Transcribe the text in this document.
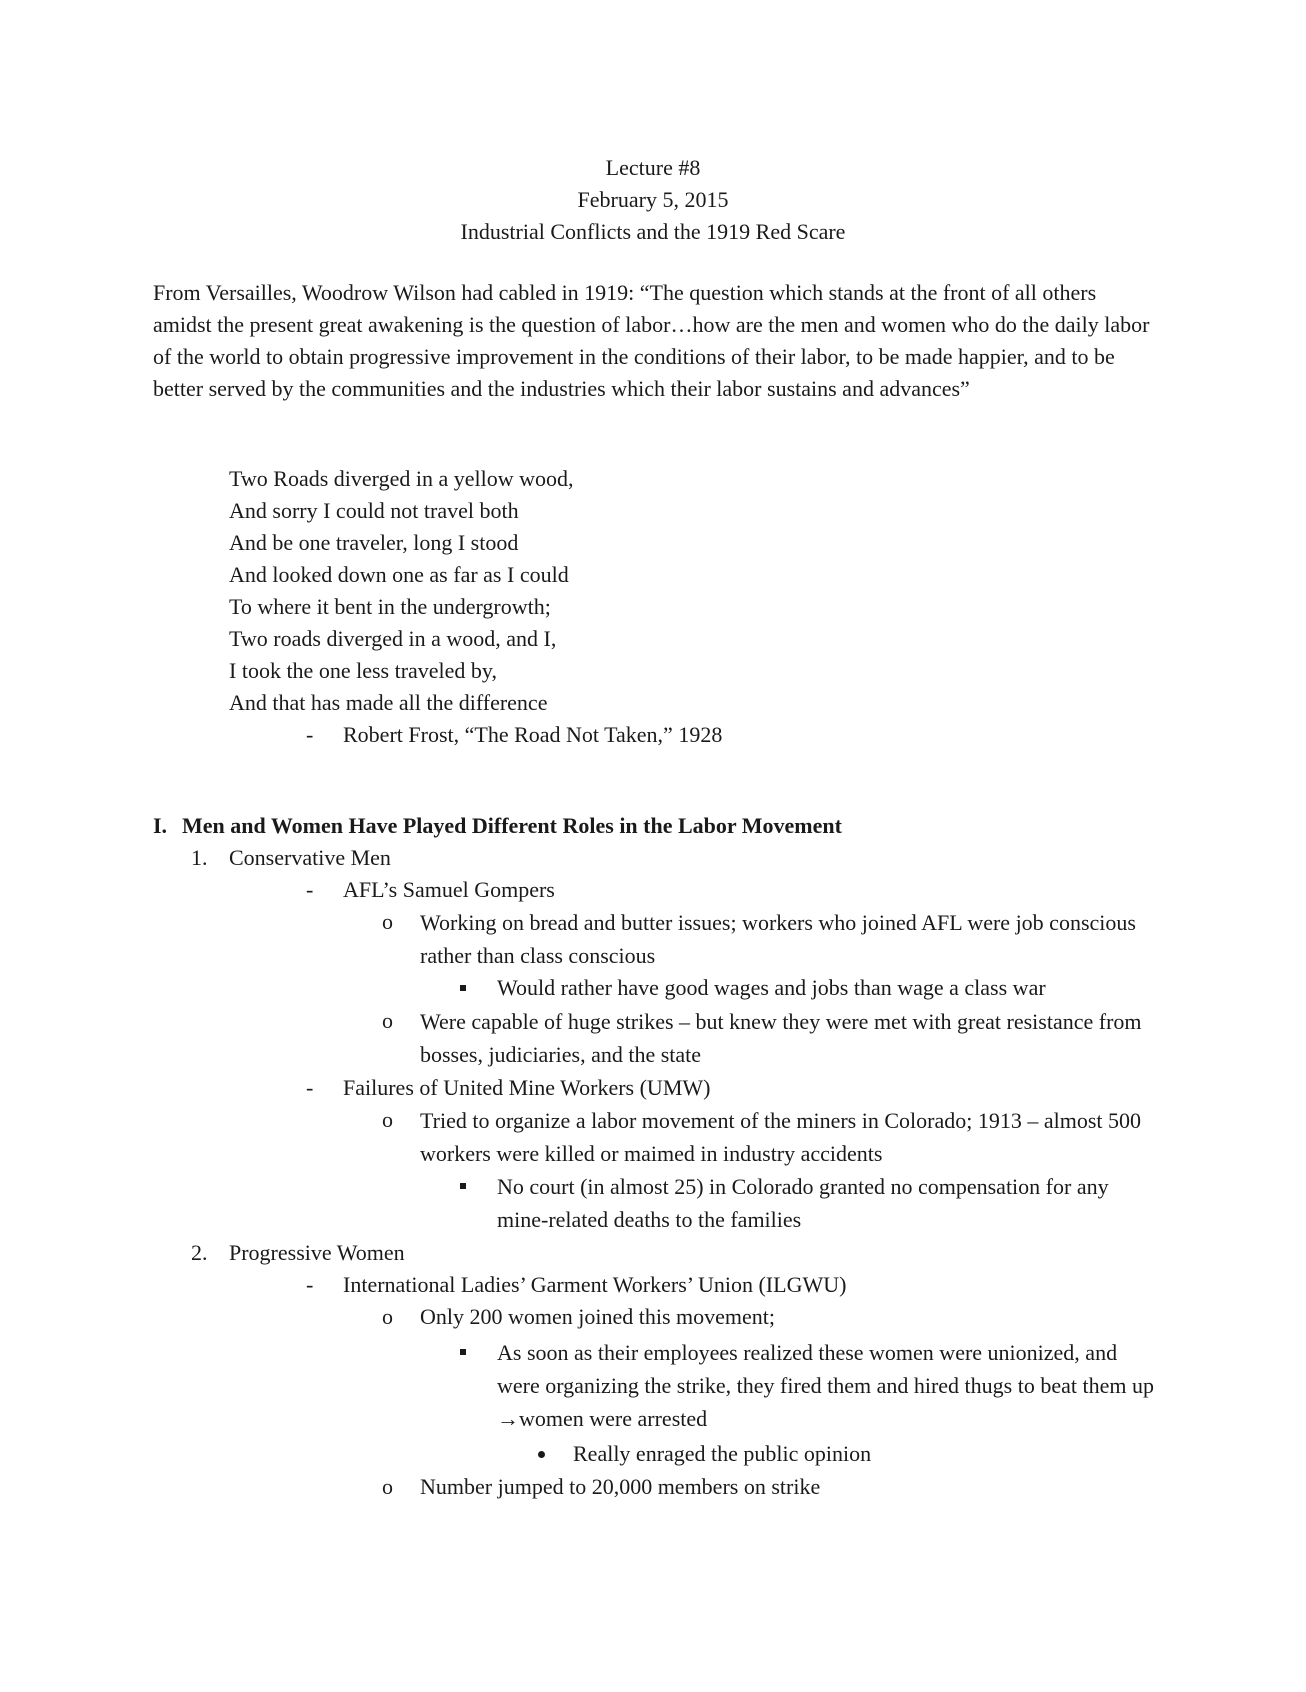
Lecture #8
February 5, 2015
Industrial Conflicts and the 1919 Red Scare
From Versailles, Woodrow Wilson had cabled in 1919: “The question which stands at the front of all others amidst the present great awakening is the question of labor…how are the men and women who do the daily labor of the world to obtain progressive improvement in the conditions of their labor, to be made happier, and to be better served by the communities and the industries which their labor sustains and advances”
Two Roads diverged in a yellow wood,
And sorry I could not travel both
And be one traveler, long I stood
And looked down one as far as I could
To where it bent in the undergrowth;
Two roads diverged in a wood, and I,
I took the one less traveled by,
And that has made all the difference
- Robert Frost, “The Road Not Taken,” 1928
I. Men and Women Have Played Different Roles in the Labor Movement
1. Conservative Men
- AFL’s Samuel Gompers
o Working on bread and butter issues; workers who joined AFL were job conscious rather than class conscious
Would rather have good wages and jobs than wage a class war
o Were capable of huge strikes – but knew they were met with great resistance from bosses, judiciaries, and the state
- Failures of United Mine Workers (UMW)
o Tried to organize a labor movement of the miners in Colorado; 1913 – almost 500 workers were killed or maimed in industry accidents
No court (in almost 25) in Colorado granted no compensation for any mine-related deaths to the families
2. Progressive Women
- International Ladies’ Garment Workers’ Union (ILGWU)
o Only 200 women joined this movement;
As soon as their employees realized these women were unionized, and were organizing the strike, they fired them and hired thugs to beat them up →women were arrested
Really enraged the public opinion
o Number jumped to 20,000 members on strike
